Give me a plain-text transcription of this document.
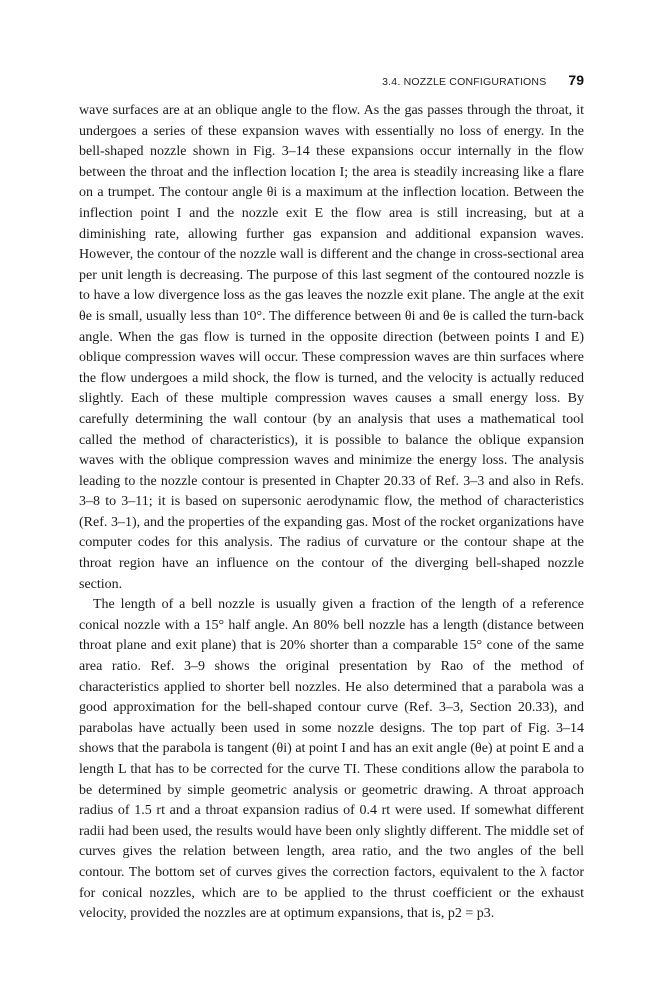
3.4. NOZZLE CONFIGURATIONS 79

wave surfaces are at an oblique angle to the flow. As the gas passes through the throat, it undergoes a series of these expansion waves with essentially no loss of energy. In the bell-shaped nozzle shown in Fig. 3–14 these expansions occur internally in the flow between the throat and the inflection location I; the area is steadily increasing like a flare on a trumpet. The contour angle θi is a maximum at the inflection location. Between the inflection point I and the nozzle exit E the flow area is still increasing, but at a diminishing rate, allowing further gas expansion and additional expansion waves. However, the contour of the nozzle wall is different and the change in cross-sectional area per unit length is decreasing. The purpose of this last segment of the contoured nozzle is to have a low divergence loss as the gas leaves the nozzle exit plane. The angle at the exit θe is small, usually less than 10°. The difference between θi and θe is called the turn-back angle. When the gas flow is turned in the opposite direction (between points I and E) oblique compression waves will occur. These compression waves are thin surfaces where the flow undergoes a mild shock, the flow is turned, and the velocity is actually reduced slightly. Each of these multiple compression waves causes a small energy loss. By carefully determining the wall contour (by an analysis that uses a mathematical tool called the method of characteristics), it is possible to balance the oblique expansion waves with the oblique compression waves and minimize the energy loss. The analysis leading to the nozzle contour is presented in Chapter 20.33 of Ref. 3–3 and also in Refs. 3–8 to 3–11; it is based on supersonic aerodynamic flow, the method of characteristics (Ref. 3–1), and the properties of the expanding gas. Most of the rocket organizations have computer codes for this analysis. The radius of curvature or the contour shape at the throat region have an influence on the contour of the diverging bell-shaped nozzle section.

The length of a bell nozzle is usually given a fraction of the length of a reference conical nozzle with a 15° half angle. An 80% bell nozzle has a length (distance between throat plane and exit plane) that is 20% shorter than a comparable 15° cone of the same area ratio. Ref. 3–9 shows the original presentation by Rao of the method of characteristics applied to shorter bell nozzles. He also determined that a parabola was a good approximation for the bell-shaped contour curve (Ref. 3–3, Section 20.33), and parabolas have actually been used in some nozzle designs. The top part of Fig. 3–14 shows that the parabola is tangent (θi) at point I and has an exit angle (θe) at point E and a length L that has to be corrected for the curve TI. These conditions allow the parabola to be determined by simple geometric analysis or geometric drawing. A throat approach radius of 1.5 rt and a throat expansion radius of 0.4 rt were used. If somewhat different radii had been used, the results would have been only slightly different. The middle set of curves gives the relation between length, area ratio, and the two angles of the bell contour. The bottom set of curves gives the correction factors, equivalent to the λ factor for conical nozzles, which are to be applied to the thrust coefficient or the exhaust velocity, provided the nozzles are at optimum expansions, that is, p2 = p3.
